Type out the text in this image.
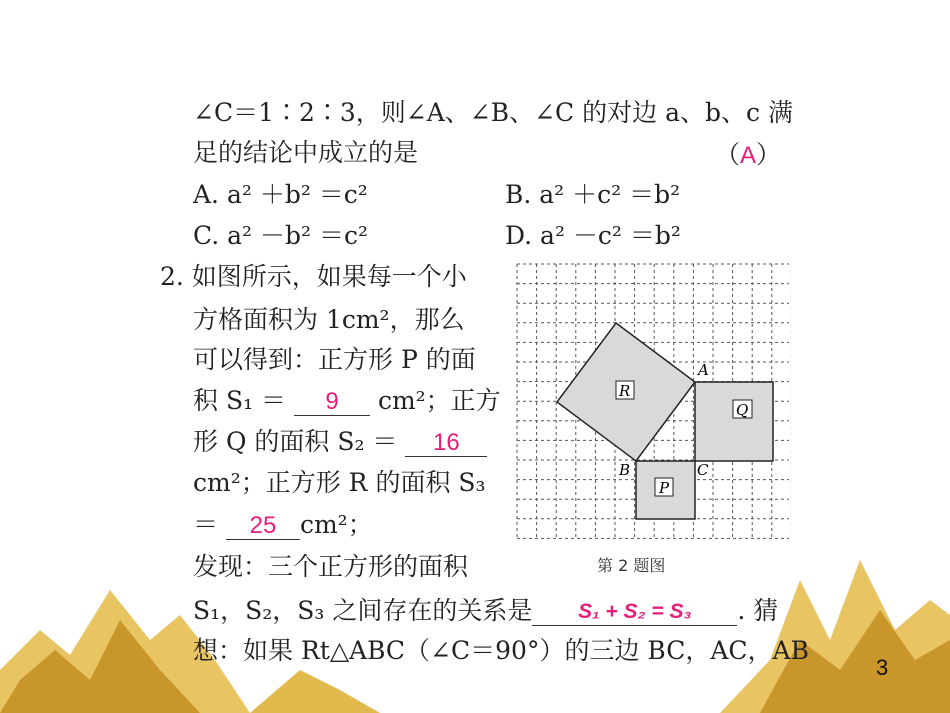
∠C＝1∶2∶3，则∠A、∠B、∠C 的对边 a、b、c 满
足的结论中成立的是	（A）
A. a² ＋b² ＝c²	B. a² ＋c² ＝b²
C. a² －b² ＝c²	D. a² －c² ＝b²
2. 如图所示，如果每一个小
方格面积为 1cm²，那么
可以得到：正方形 P 的面
积 S₁ ＝ 9 cm²；正方
形 Q 的面积 S₂ ＝ 16
cm²；正方形 R 的面积 S₃
＝ 25 cm²；
发现：三个正方形的面积
S₁，S₂，S₃ 之间存在的关系是 S₁ + S₂ = S₃ . 猜
想：如果 Rt△ABC（∠C＝90°）的三边 BC，AC，AB
R
Q
P
A
B	C
第 2 题图
3
